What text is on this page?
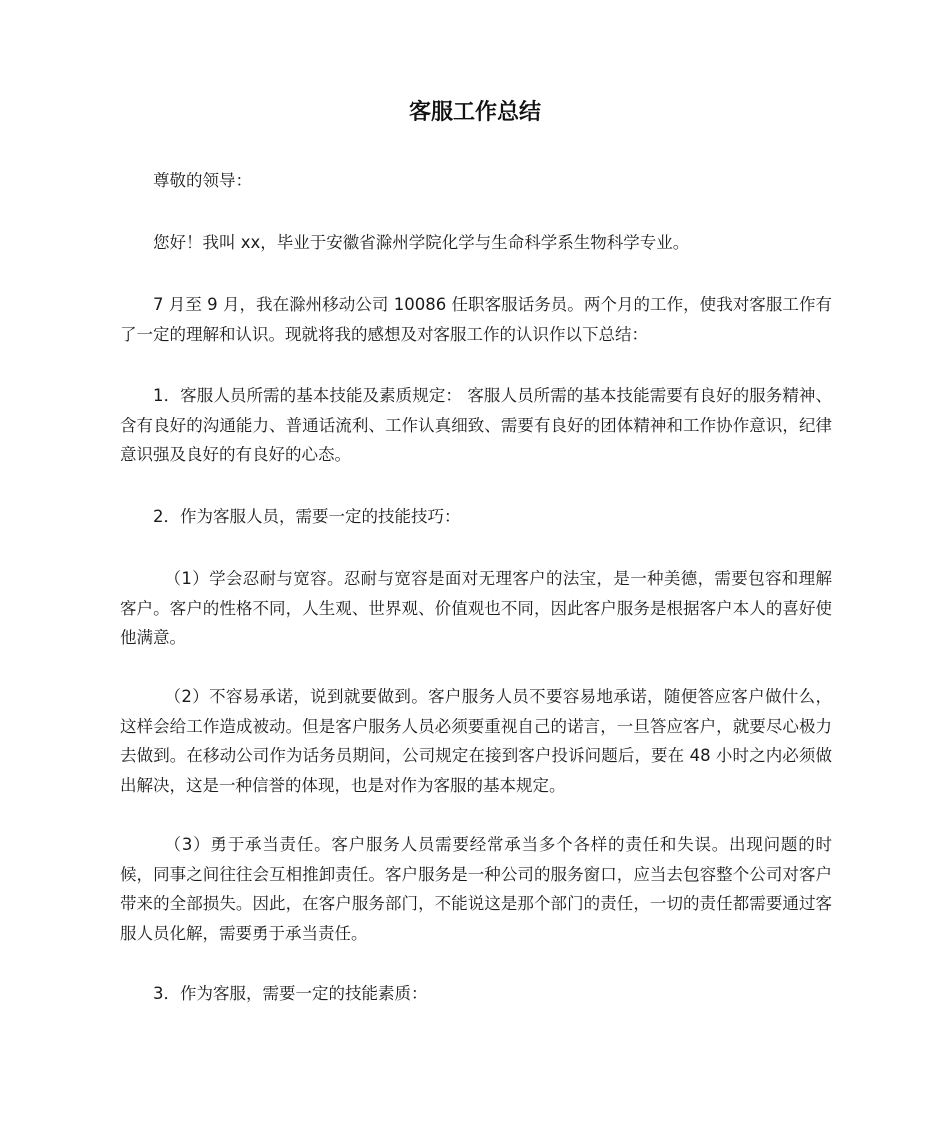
客服工作总结

尊敬的领导：

您好！我叫 xx，毕业于安徽省滁州学院化学与生命科学系生物科学专业。

7 月至 9 月，我在滁州移动公司 10086 任职客服话务员。两个月的工作，使我对客服工作有了一定的理解和认识。现就将我的感想及对客服工作的认识作以下总结：

1．客服人员所需的基本技能及素质规定： 客服人员所需的基本技能需要有良好的服务精神、含有良好的沟通能力、普通话流利、工作认真细致、需要有良好的团体精神和工作协作意识，纪律意识强及良好的有良好的心态。

2．作为客服人员，需要一定的技能技巧：

（1）学会忍耐与宽容。忍耐与宽容是面对无理客户的法宝，是一种美德，需要包容和理解客户。客户的性格不同，人生观、世界观、价值观也不同，因此客户服务是根据客户本人的喜好使他满意。

（2）不容易承诺，说到就要做到。客户服务人员不要容易地承诺，随便答应客户做什么，这样会给工作造成被动。但是客户服务人员必须要重视自己的诺言，一旦答应客户，就要尽心极力去做到。在移动公司作为话务员期间，公司规定在接到客户投诉问题后，要在 48 小时之内必须做出解决，这是一种信誉的体现，也是对作为客服的基本规定。

（3）勇于承当责任。客户服务人员需要经常承当多个各样的责任和失误。出现问题的时候，同事之间往往会互相推卸责任。客户服务是一种公司的服务窗口，应当去包容整个公司对客户带来的全部损失。因此，在客户服务部门，不能说这是那个部门的责任，一切的责任都需要通过客服人员化解，需要勇于承当责任。

3．作为客服，需要一定的技能素质：
